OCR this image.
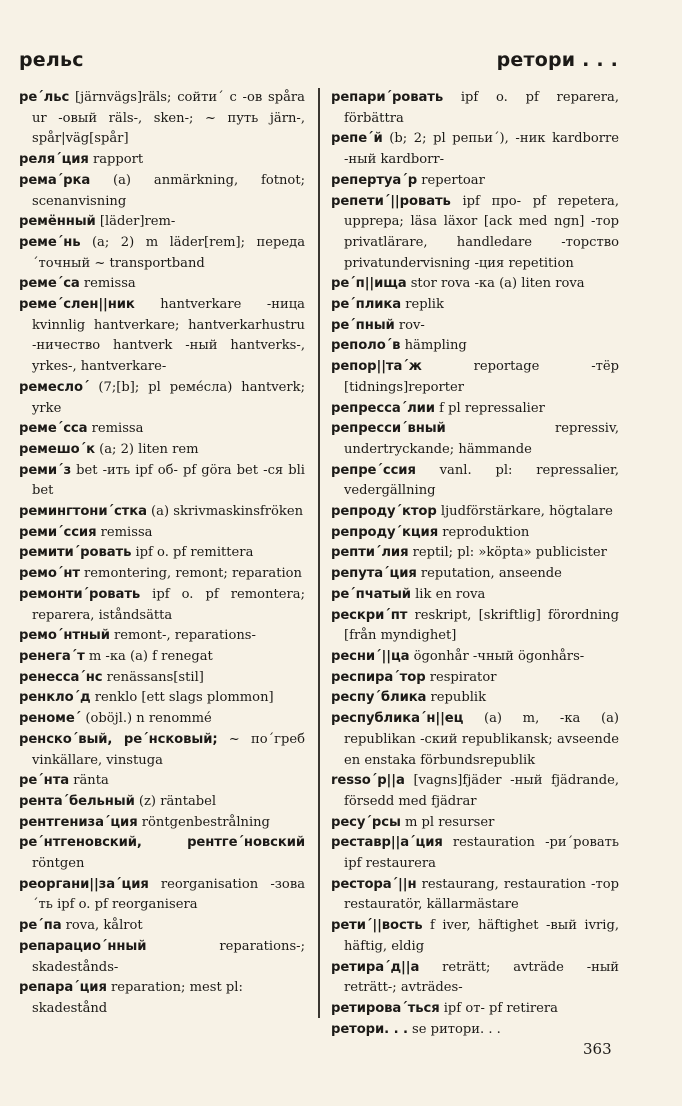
рельс	ретори . . .

ре´льс [järnvägs]räls; сойти´ с -ов spåra ur -овый räls-, sken-; ~ путь järn-, spår|väg[spår]

реля´ция rapport

рема´рка (a) anmärkning, fotnot; scenanvisning

ремённый [läder]rem-

реме´нь (a; 2) m läder[rem]; переда´точный ~ transportband

реме´са remissa

реме´слен||ник hantverkare -ница kvinnlig hantverkare; hantverkarhustru -ничество hantverk -ный hantverks-, yrkes-, hantverkare-

ремесло´ (7;[b]; pl реме́сла) hantverk; yrke

реме´сса remissa

ремешо´к (a; 2) liten rem

реми´з bet -ить ipf об- pf göra bet -ся bli bet

ремингтони´стка (a) skrivmaskinsfröken

реми´ссия remissa

ремити´ровать ipf o. pf remittera

ремо´нт remontering, remont; reparation

ремонти´ровать ipf o. pf remontera; reparera, iståndsätta

ремо´нтный remont-, reparations-

ренега´т m -ка (a) f renegat

ренесса´нс renässans[stil]

ренкло´д renklo [ett slags plommon]

реноме´ (oböjl.) n renommé

ренско´вый, ре´нсковый; ~ по´греб vinkällare, vinstuga

ре´нта ränta

рента´бельный (z) räntabel

рентгениза´ция röntgenbestrålning

ре´нтгеновский, рентге´новский röntgen

реоргани||за´ция reorganisation -зова´ть ipf o. pf reorganisera

ре´па rova, kålrot

репарацио´нный reparations-; skadestånds-

репара´ция reparation; mest pl: skadestånd

репари´ровать ipf o. pf reparera, förbättra

репе´й (b; 2; pl репьи´), -ник kardborre -ный kardborr-

репертуа´р repertoar

репети´||ровать ipf про- pf repetera, upprepa; läsa läxor [ack med ngn] -тор privatlärare, handledare -торство privatundervisning -ция repetition

ре´п||ища stor rova -ка (a) liten rova

ре´плика replik

ре´пный rov-

реполо´в hämpling

репор||та´ж reportage -тёр [tidnings]reporter

репресса´лии f pl repressalier

репресси´вный repressiv, undertryckande; hämmande

репре´ссия vanl. pl: repressalier, vedergällning

репроду´ктор ljudförstärkare, högtalare

репроду´кция reproduktion

репти´лия reptil; pl: »köpta» publicister

репута´ция reputation, anseende

ре´пчатый lik en rova

рескри´пт reskript, [skriftlig] förordning [från myndighet]

ресни´||ца ögonhår -чный ögonhårs-

респира´тор respirator

респу´блика republik

республика´н||ец (a) m, -ка (a) republikan -ский republikansk; avseende en enstaka förbundsrepublik

ressо´р||а [vagns]fjäder -ный fjädrande, försedd med fjädrar

ресу´рсы m pl resurser

реставр||а´ция restauration -ри´ровать ipf restaurera

рестора´||н restaurang, restauration -тор restauratör, källarmästare

рети´||вость f iver, häftighet -вый ivrig, häftig, eldig

ретира´д||а reträtt; avträde -ный reträtt-; avträdes-

ретирова´ться ipf от- pf retirera

ретори. . . se ритори. . .

363
